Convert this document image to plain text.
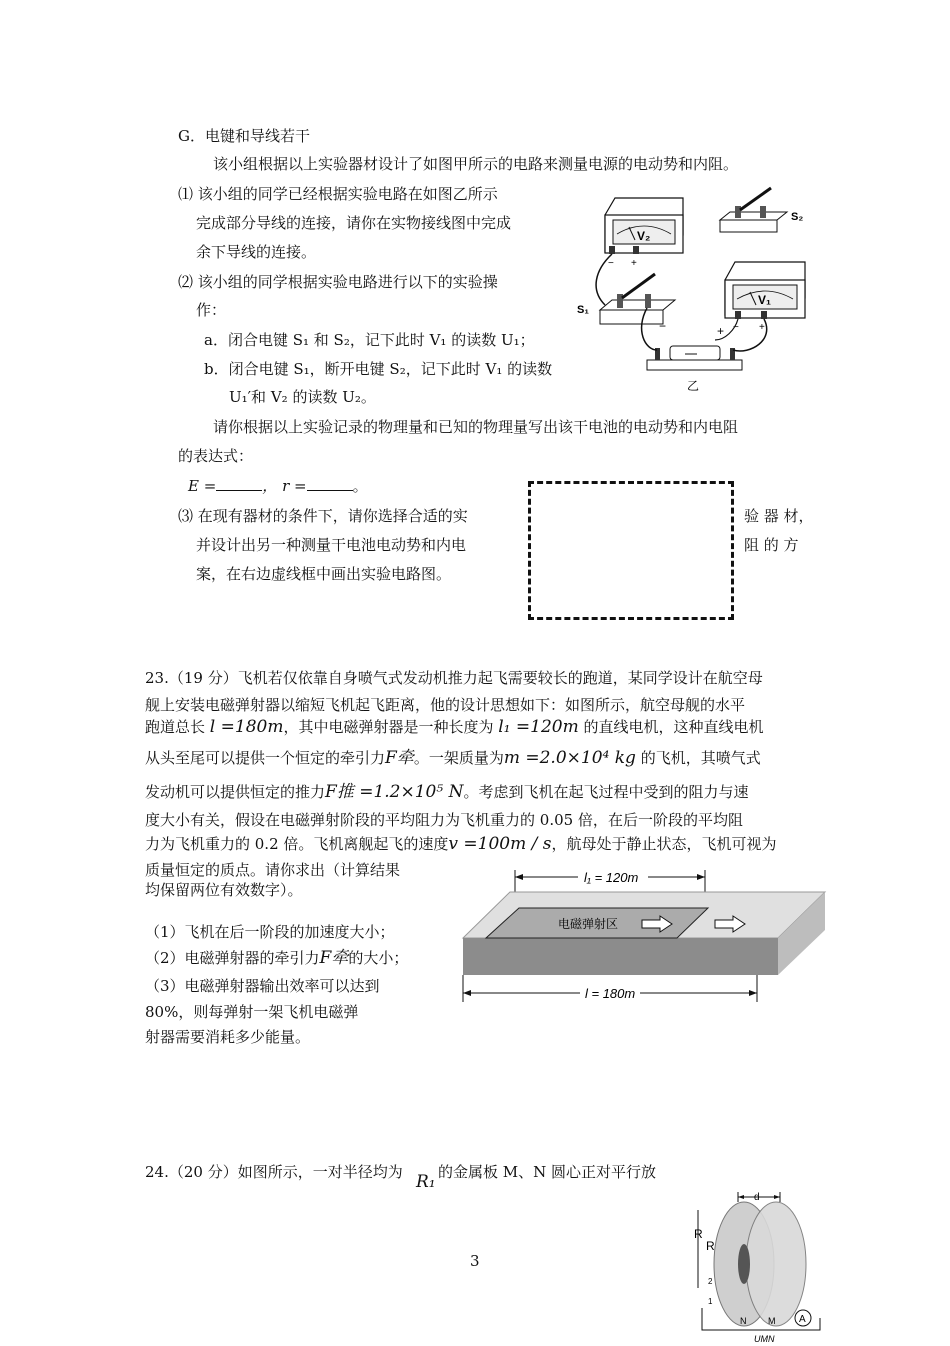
G．电键和导线若干
该小组根据以上实验器材设计了如图甲所示的电路来测量电源的电动势和内阻。
⑴ 该小组的同学已经根据实验电路在如图乙所示
完成部分导线的连接，请你在实物接线图中完成
余下导线的连接。
⑵ 该小组的同学根据实验电路进行以下的实验操
作：
a．闭合电键 S₁ 和 S₂，记下此时 V₁ 的读数 U₁；
b．闭合电键 S₁，断开电键 S₂，记下此时 V₁ 的读数
U₁′和 V₂ 的读数 U₂。
请你根据以上实验记录的物理量和已知的物理量写出该干电池的电动势和内电阻
的表达式：
E =	， r =	。
⑶ 在现有器材的条件下，请你选择合适的实	验 器 材，
并设计出另一种测量干电池电动势和内电	阻 的 方
案，在右边虚线框中画出实验电路图。
V₂
− +
S₂
V₁
− +
S₁
−	+
乙
23.（19 分）飞机若仅依靠自身喷气式发动机推力起飞需要较长的跑道，某同学设计在航空母
舰上安装电磁弹射器以缩短飞机起飞距离，他的设计思想如下：如图所示，航空母舰的水平
跑道总长 l =180m，其中电磁弹射器是一种长度为 l₁ =120m 的直线电机，这种直线电机
从头至尾可以提供一个恒定的牵引力F牵。一架质量为m =2.0×10⁴ kg 的飞机，其喷气式
发动机可以提供恒定的推力F推 =1.2×10⁵ N。考虑到飞机在起飞过程中受到的阻力与速
度大小有关，假设在电磁弹射阶段的平均阻力为飞机重力的 0.05 倍，在后一阶段的平均阻
力为飞机重力的 0.2 倍。飞机离舰起飞的速度v =100m / s，航母处于静止状态，飞机可视为
质量恒定的质点。请你求出（计算结果
均保留两位有效数字）。
（1）飞机在后一阶段的加速度大小；
（2）电磁弹射器的牵引力F牵的大小；
（3）电磁弹射器输出效率可以达到
80%，则每弹射一架飞机电磁弹
射器需要消耗多少能量。
l₁ = 120m
电磁弹射区
l = 180m
24.（20 分）如图所示，一对半径均为 R₁ 的金属板 M、N 圆心正对平行放
d
R
R
2
1
N M A
UMN
3
